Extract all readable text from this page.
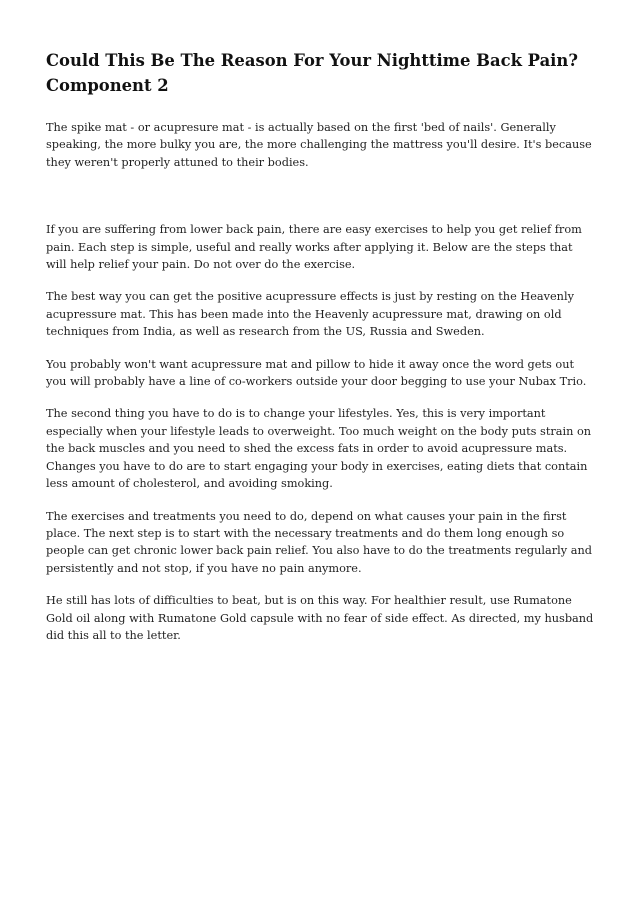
Could This Be The Reason For Your Nighttime Back Pain?
Component 2

The spike mat - or acupresure mat - is actually based on the first 'bed of nails'. Generally speaking, the more bulky you are, the more challenging the mattress you'll desire. It's because they weren't properly attuned to their bodies.

If you are suffering from lower back pain, there are easy exercises to help you get relief from pain. Each step is simple, useful and really works after applying it. Below are the steps that will help relief your pain. Do not over do the exercise.

The best way you can get the positive acupressure effects is just by resting on the Heavenly acupressure mat. This has been made into the Heavenly acupressure mat, drawing on old techniques from India, as well as research from the US, Russia and Sweden.

You probably won't want acupressure mat and pillow to hide it away once the word gets out you will probably have a line of co-workers outside your door begging to use your Nubax Trio.

The second thing you have to do is to change your lifestyles. Yes, this is very important especially when your lifestyle leads to overweight. Too much weight on the body puts strain on the back muscles and you need to shed the excess fats in order to avoid acupressure mats. Changes you have to do are to start engaging your body in exercises, eating diets that contain less amount of cholesterol, and avoiding smoking.

The exercises and treatments you need to do, depend on what causes your pain in the first place. The next step is to start with the necessary treatments and do them long enough so people can get chronic lower back pain relief. You also have to do the treatments regularly and persistently and not stop, if you have no pain anymore.

He still has lots of difficulties to beat, but is on this way. For healthier result, use Rumatone Gold oil along with Rumatone Gold capsule with no fear of side effect. As directed, my husband did this all to the letter.
